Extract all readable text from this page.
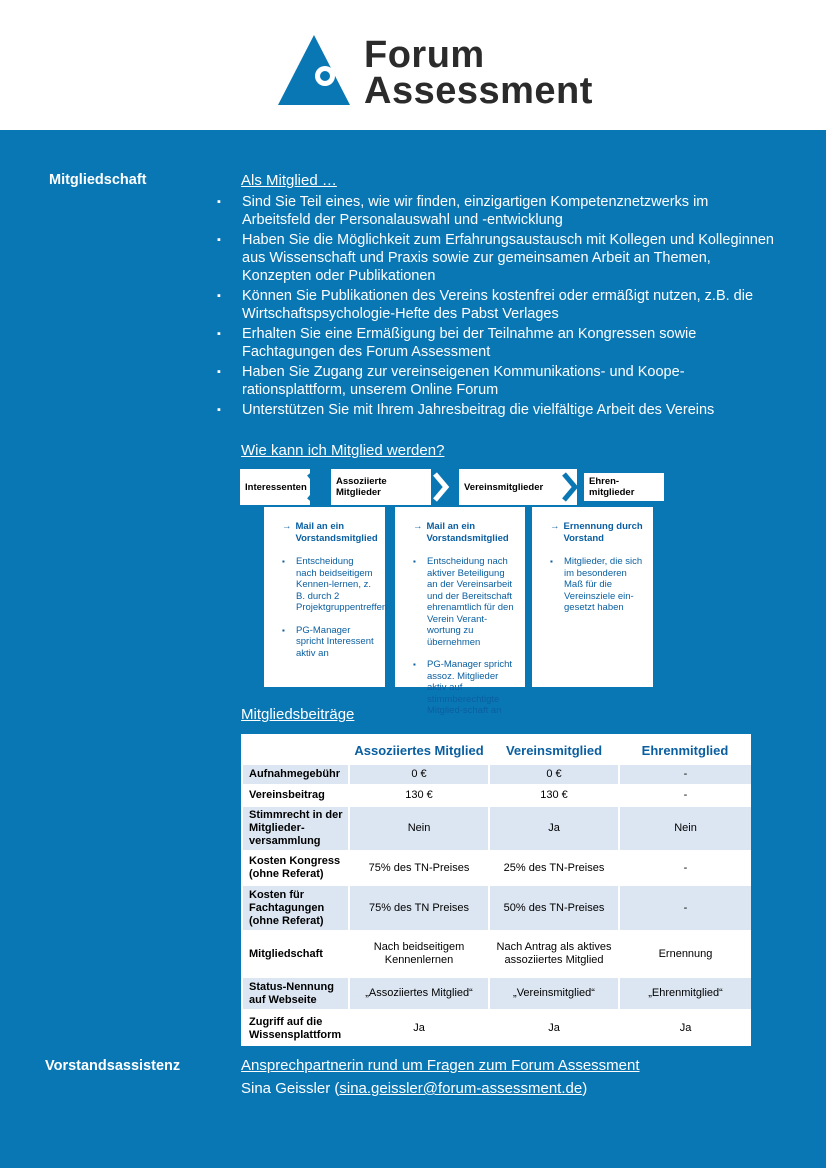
Forum
Assessment
Mitgliedschaft	Als Mitglied …
▪ Sind Sie Teil eines, wie wir finden, einzigartigen Kompetenznetzwerks im Arbeitsfeld der Personalauswahl und -entwicklung
▪ Haben Sie die Möglichkeit zum Erfahrungsaustausch mit Kollegen und Kolleginnen aus Wissenschaft und Praxis sowie zur gemeinsamen Arbeit an Themen, Konzepten oder Publikationen
▪ Können Sie Publikationen des Vereins kostenfrei oder ermäßigt nutzen, z.B. die Wirtschaftspsychologie-Hefte des Pabst Verlages
▪ Erhalten Sie eine Ermäßigung bei der Teilnahme an Kongressen sowie Fachtagungen des Forum Assessment
▪ Haben Sie Zugang zur vereinseigenen Kommunikations- und Koope-rationsplattform, unserem Online Forum
▪ Unterstützen Sie mit Ihrem Jahresbeitrag die vielfältige Arbeit des Vereins
Wie kann ich Mitglied werden?
Interessenten	Assoziierte Mitglieder	Vereinsmitglieder	Ehren-mitglieder
→ Mail an ein Vorstandsmitglied
▪ Entscheidung nach beidseitigem Kennen-lernen, z. B. durch 2 Projektgruppentreffen
▪ PG-Manager spricht Interessent aktiv an
→ Mail an ein Vorstandsmitglied
▪ Entscheidung nach aktiver Beteiligung an der Vereinsarbeit und der Bereitschaft ehrenamtlich für den Verein Verant-wortung zu übernehmen
▪ PG-Manager spricht assoz. Mitglieder aktiv auf stimmberechtigte Mitglied-schaft an
→ Ernennung durch Vorstand
▪ Mitglieder, die sich im besonderen Maß für die Vereinsziele ein-gesetzt haben
Mitgliedsbeiträge
	Assoziiertes Mitglied	Vereinsmitglied	Ehrenmitglied
Aufnahmegebühr	0 €	0 €	-
Vereinsbeitrag	130 €	130 €	-
Stimmrecht in der Mitglieder-versammlung	Nein	Ja	Nein
Kosten Kongress (ohne Referat)	75% des TN-Preises	25% des TN-Preises	-
Kosten für Fachtagungen (ohne Referat)	75% des TN Preises	50% des TN-Preises	-
Mitgliedschaft	Nach beidseitigem Kennenlernen	Nach Antrag als aktives assoziiertes Mitglied	Ernennung
Status-Nennung auf Webseite	„Assoziiertes Mitglied“	„Vereinsmitglied“	„Ehrenmitglied“
Zugriff auf die Wissensplattform	Ja	Ja	Ja
Vorstandsassistenz	Ansprechpartnerin rund um Fragen zum Forum Assessment
Sina Geissler (sina.geissler@forum-assessment.de)
